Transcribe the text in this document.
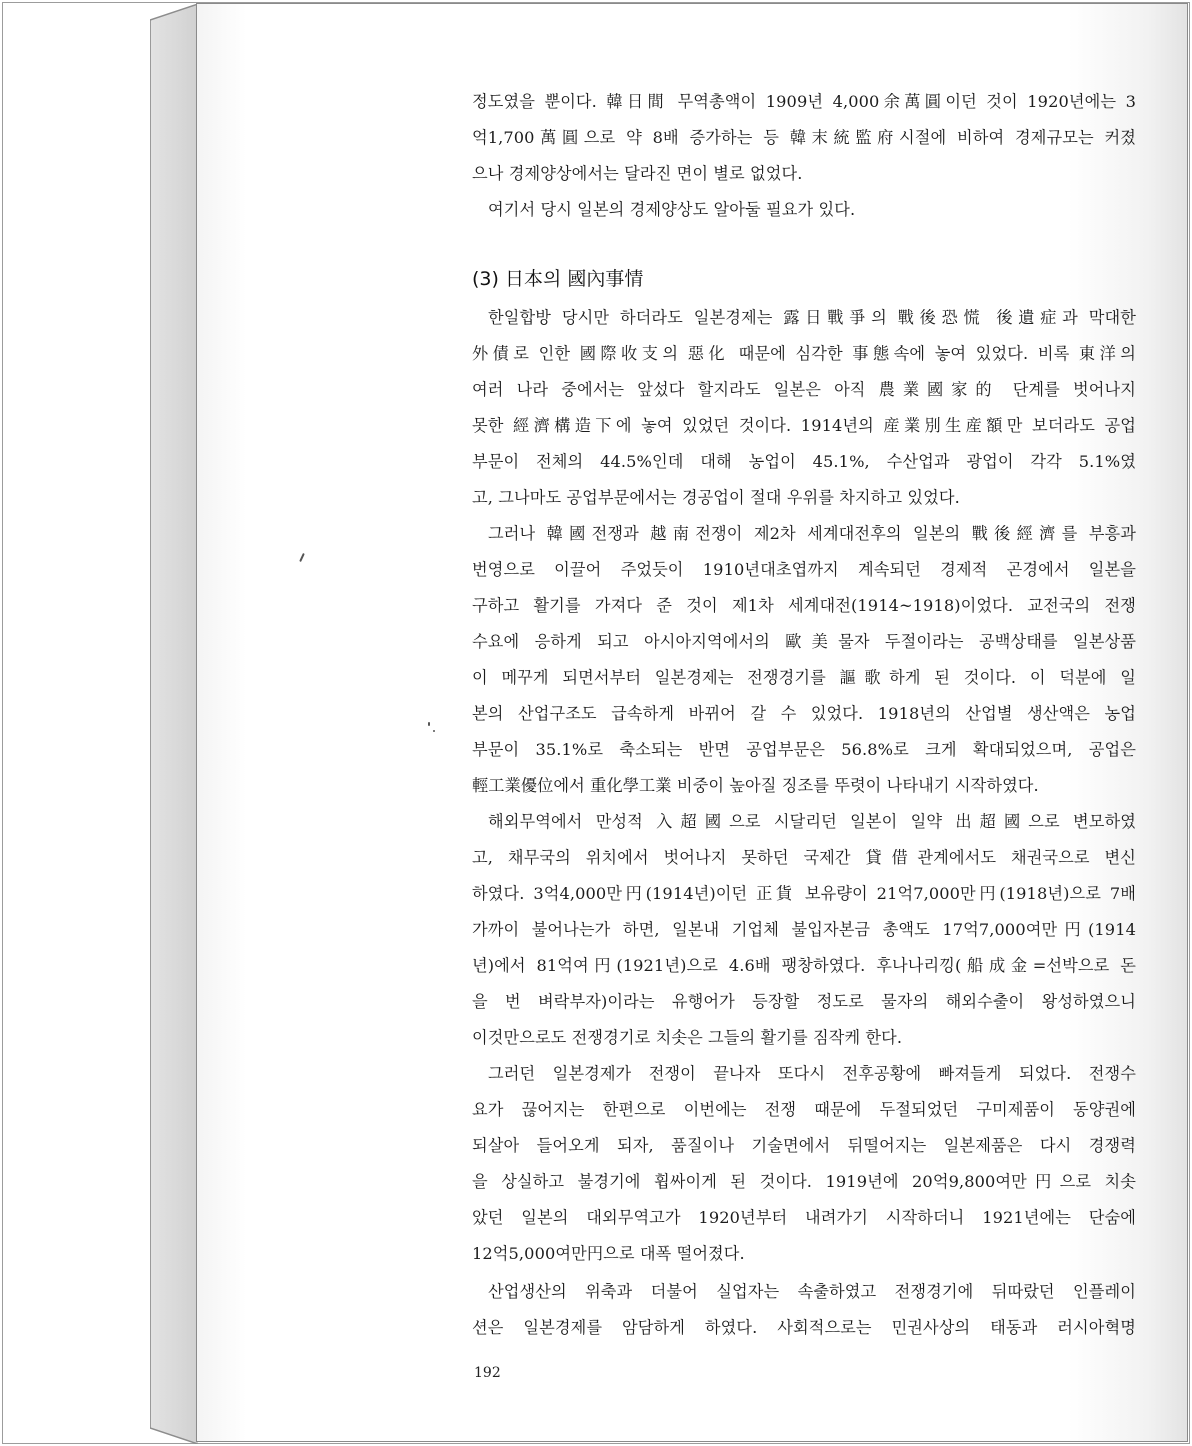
정도였을 뿐이다. 韓日間 무역총액이 1909년 4,000余萬圓이던 것이 1920년에는 3
억1,700萬圓으로 약 8배 증가하는 등 韓末統監府시절에 비하여 경제규모는 커졌
으나 경제양상에서는 달라진 면이 별로 없었다.
여기서 당시 일본의 경제양상도 알아둘 필요가 있다.
(3) 日本의 國內事情
한일합방 당시만 하더라도 일본경제는 露日戰爭의 戰後恐慌 後遺症과 막대한
外債로 인한 國際收支의 惡化 때문에 심각한 事態속에 놓여 있었다. 비록 東洋의
여러 나라 중에서는 앞섰다 할지라도 일본은 아직 農業國家的 단계를 벗어나지
못한 經濟構造下에 놓여 있었던 것이다. 1914년의 産業別生産額만 보더라도 공업
부문이 전체의 44.5%인데 대해 농업이 45.1%, 수산업과 광업이 각각 5.1%였
고, 그나마도 공업부문에서는 경공업이 절대 우위를 차지하고 있었다.
그러나 韓國전쟁과 越南전쟁이 제2차 세계대전후의 일본의 戰後經濟를 부흥과
번영으로 이끌어 주었듯이 1910년대초엽까지 계속되던 경제적 곤경에서 일본을
구하고 활기를 가져다 준 것이 제1차 세계대전(1914~1918)이었다. 교전국의 전쟁
수요에 응하게 되고 아시아지역에서의 歐美물자 두절이라는 공백상태를 일본상품
이 메꾸게 되면서부터 일본경제는 전쟁경기를 謳歌하게 된 것이다. 이 덕분에 일
본의 산업구조도 급속하게 바뀌어 갈 수 있었다. 1918년의 산업별 생산액은 농업
부문이 35.1%로 축소되는 반면 공업부문은 56.8%로 크게 확대되었으며, 공업은
輕工業優位에서 重化學工業 비중이 높아질 징조를 뚜렷이 나타내기 시작하였다.
해외무역에서 만성적 入超國으로 시달리던 일본이 일약 出超國으로 변모하였
고, 채무국의 위치에서 벗어나지 못하던 국제간 貸借관계에서도 채권국으로 변신
하였다. 3억4,000만円(1914년)이던 正貨 보유량이 21억7,000만円(1918년)으로 7배
가까이 불어나는가 하면, 일본내 기업체 불입자본금 총액도 17억7,000여만円(1914
년)에서 81억여円(1921년)으로 4.6배 팽창하였다. 후나나리낑(船成金=선박으로 돈
을 번 벼락부자)이라는 유행어가 등장할 정도로 물자의 해외수출이 왕성하였으니
이것만으로도 전쟁경기로 치솟은 그들의 활기를 짐작케 한다.
그러던 일본경제가 전쟁이 끝나자 또다시 전후공황에 빠져들게 되었다. 전쟁수
요가 끊어지는 한편으로 이번에는 전쟁 때문에 두절되었던 구미제품이 동양권에
되살아 들어오게 되자, 품질이나 기술면에서 뒤떨어지는 일본제품은 다시 경쟁력
을 상실하고 불경기에 휩싸이게 된 것이다. 1919년에 20억9,800여만円으로 치솟
았던 일본의 대외무역고가 1920년부터 내려가기 시작하더니 1921년에는 단숨에
12억5,000여만円으로 대폭 떨어졌다.
산업생산의 위축과 더불어 실업자는 속출하였고 전쟁경기에 뒤따랐던 인플레이
션은 일본경제를 암담하게 하였다. 사회적으로는 민권사상의 태동과 러시아혁명
192
